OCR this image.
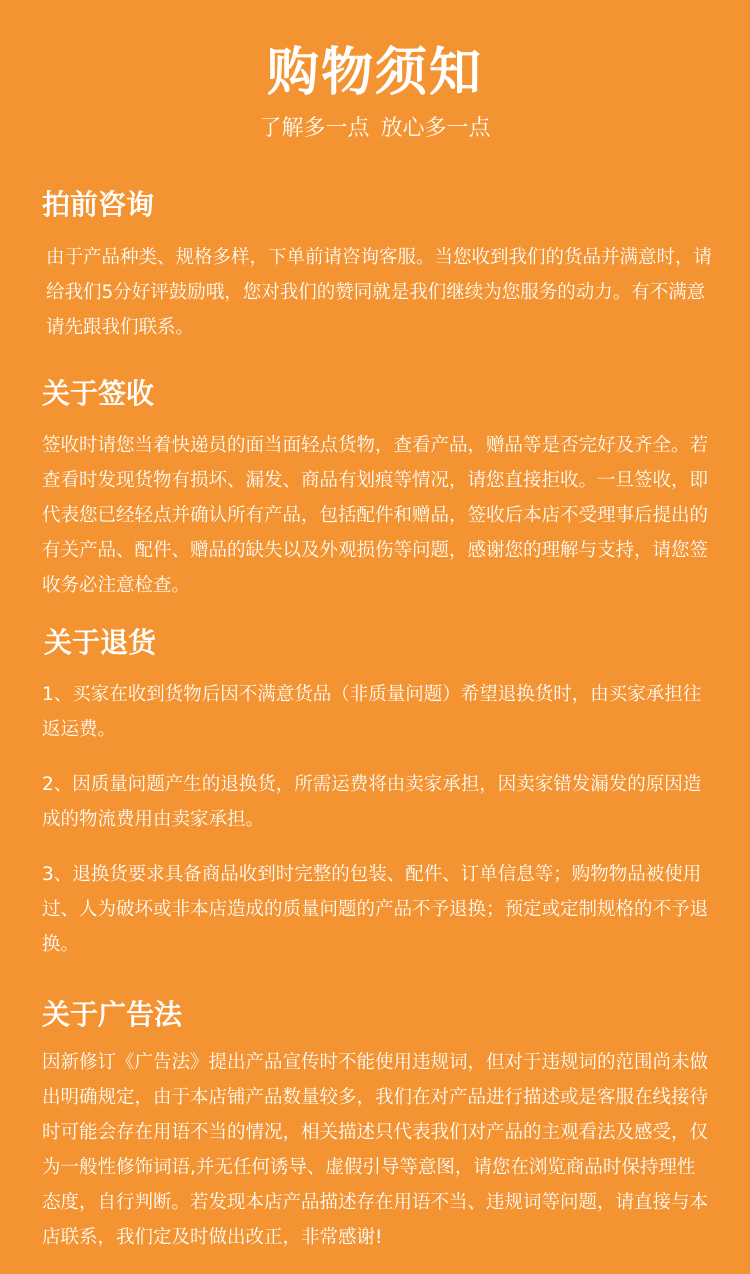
购物须知
了解多一点 放心多一点
拍前咨询

由于产品种类、规格多样，下单前请咨询客服。当您收到我们的货品并满意时，请给我们5分好评鼓励哦，您对我们的赞同就是我们继续为您服务的动力。有不满意请先跟我们联系。

关于签收

签收时请您当着快递员的面当面轻点货物，查看产品，赠品等是否完好及齐全。若查看时发现货物有损坏、漏发、商品有划痕等情况，请您直接拒收。一旦签收，即代表您已经轻点并确认所有产品，包括配件和赠品，签收后本店不受理事后提出的有关产品、配件、赠品的缺失以及外观损伤等问题，感谢您的理解与支持，请您签收务必注意检查。

关于退货

1、买家在收到货物后因不满意货品（非质量问题）希望退换货时，由买家承担往返运费。

2、因质量问题产生的退换货，所需运费将由卖家承担，因卖家错发漏发的原因造成的物流费用由卖家承担。

3、退换货要求具备商品收到时完整的包装、配件、订单信息等；购物物品被使用过、人为破坏或非本店造成的质量问题的产品不予退换；预定或定制规格的不予退换。

关于广告法

因新修订《广告法》提出产品宣传时不能使用违规词，但对于违规词的范围尚未做出明确规定，由于本店铺产品数量较多，我们在对产品进行描述或是客服在线接待时可能会存在用语不当的情况，相关描述只代表我们对产品的主观看法及感受，仅为一般性修饰词语,并无任何诱导、虚假引导等意图，请您在浏览商品时保持理性态度，自行判断。若发现本店产品描述存在用语不当、违规词等问题，请直接与本店联系，我们定及时做出改正，非常感谢!
